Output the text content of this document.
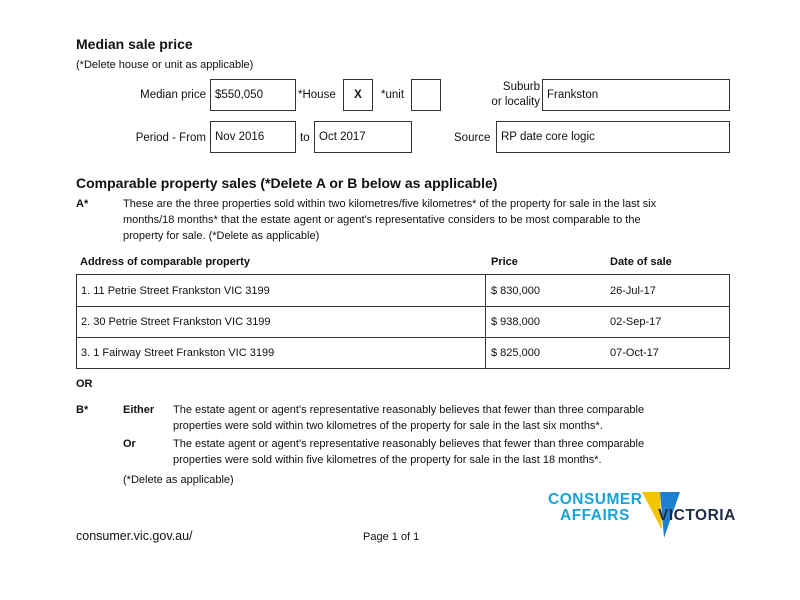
Median sale price
(*Delete house or unit as applicable)
Median price $550,050	*House	X	*unit
Suburb
or locality
Frankston
Period - From Nov 2016	to Oct 2017	Source RP date core logic
Comparable property sales (*Delete A or B below as applicable)
A*	These are the three properties sold within two kilometres/five kilometres* of the property for sale in the last six
months/18 months* that the estate agent or agent's representative considers to be most comparable to the
property for sale. (*Delete as applicable)
Address of comparable property	Price	Date of sale
1. 11 Petrie Street Frankston VIC 3199	$ 830,000	26-Jul-17
2. 30 Petrie Street Frankston VIC 3199	$ 938,000	02-Sep-17
3. 1 Fairway Street Frankston VIC 3199	$ 825,000	07-Oct-17
OR
B*	Either The estate agent or agent's representative reasonably believes that fewer than three comparable
properties were sold within two kilometres of the property for sale in the last six months*.
Or	The estate agent or agent's representative reasonably believes that fewer than three comparable
properties were sold within five kilometres of the property for sale in the last 18 months*.
(*Delete as applicable)
CONSUMER
AFFAIRS VICTORIA
consumer.vic.gov.au/	Page 1 of 1
